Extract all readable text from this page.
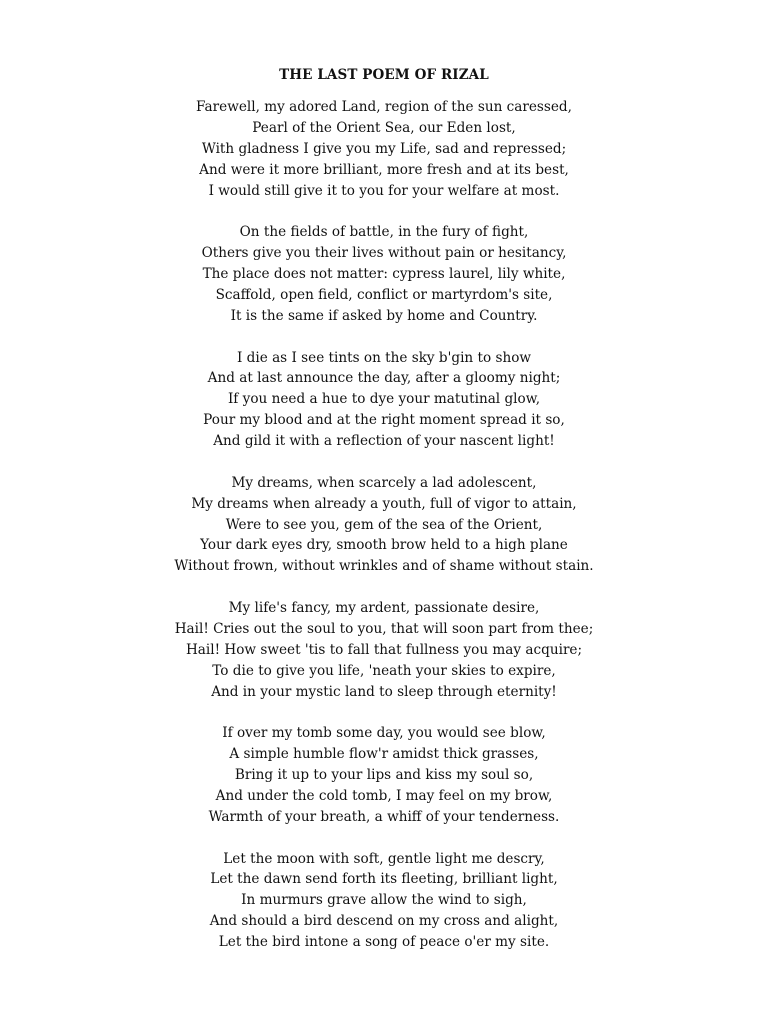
THE LAST POEM OF RIZAL
Farewell, my adored Land, region of the sun caressed,
Pearl of the Orient Sea, our Eden lost,
With gladness I give you my Life, sad and repressed;
And were it more brilliant, more fresh and at its best,
I would still give it to you for your welfare at most.
On the fields of battle, in the fury of fight,
Others give you their lives without pain or hesitancy,
The place does not matter: cypress laurel, lily white,
Scaffold, open field, conflict or martyrdom's site,
It is the same if asked by home and Country.
I die as I see tints on the sky b'gin to show
And at last announce the day, after a gloomy night;
If you need a hue to dye your matutinal glow,
Pour my blood and at the right moment spread it so,
And gild it with a reflection of your nascent light!
My dreams, when scarcely a lad adolescent,
My dreams when already a youth, full of vigor to attain,
Were to see you, gem of the sea of the Orient,
Your dark eyes dry, smooth brow held to a high plane
Without frown, without wrinkles and of shame without stain.
My life's fancy, my ardent, passionate desire,
Hail! Cries out the soul to you, that will soon part from thee;
Hail! How sweet 'tis to fall that fullness you may acquire;
To die to give you life, 'neath your skies to expire,
And in your mystic land to sleep through eternity!
If over my tomb some day, you would see blow,
A simple humble flow'r amidst thick grasses,
Bring it up to your lips and kiss my soul so,
And under the cold tomb, I may feel on my brow,
Warmth of your breath, a whiff of your tenderness.
Let the moon with soft, gentle light me descry,
Let the dawn send forth its fleeting, brilliant light,
In murmurs grave allow the wind to sigh,
And should a bird descend on my cross and alight,
Let the bird intone a song of peace o'er my site.
